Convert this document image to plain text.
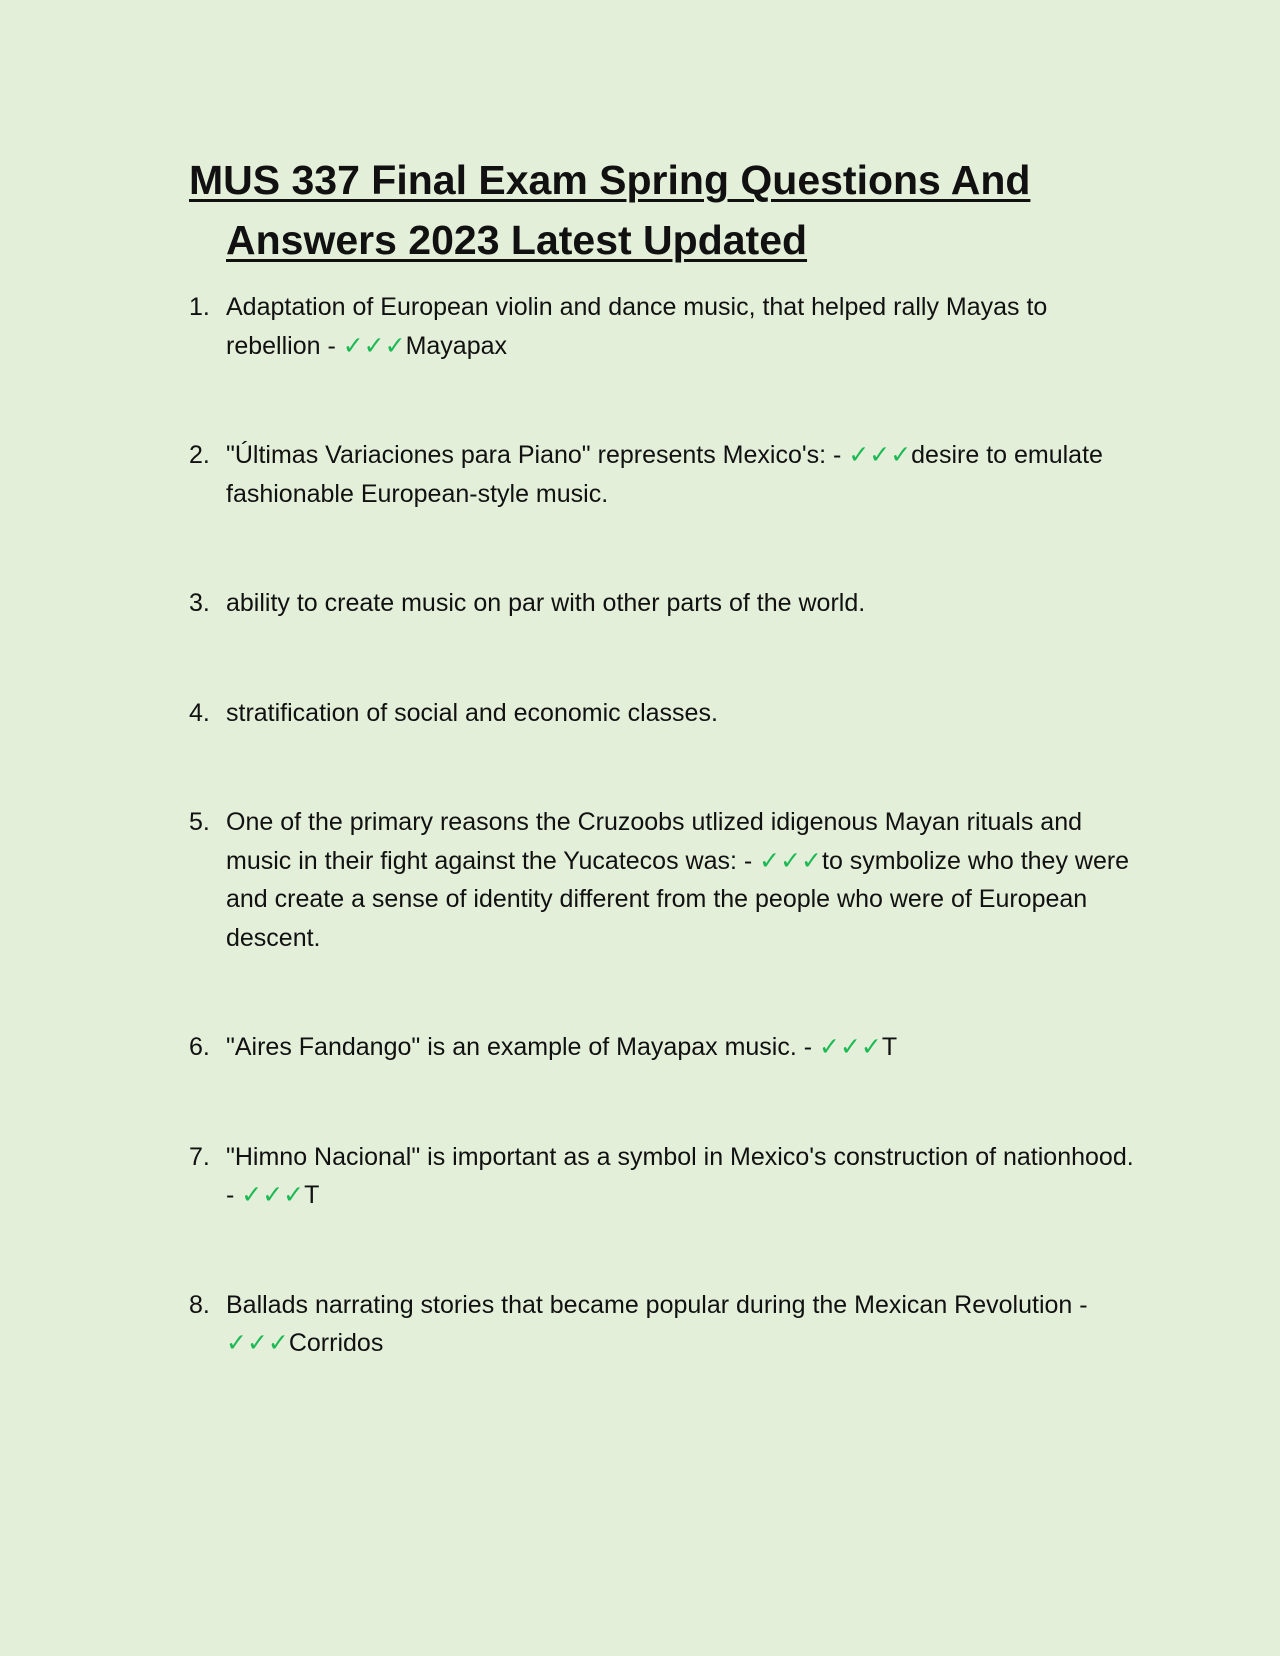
MUS 337 Final Exam Spring Questions And
Answers 2023 Latest Updated
1. Adaptation of European violin and dance music, that helped rally Mayas to rebellion - ✓✓✓Mayapax
2. "Últimas Variaciones para Piano" represents Mexico's: - ✓✓✓desire to emulate fashionable European-style music.
3. ability to create music on par with other parts of the world.
4. stratification of social and economic classes.
5. One of the primary reasons the Cruzoobs utlized idigenous Mayan rituals and music in their fight against the Yucatecos was: - ✓✓✓to symbolize who they were and create a sense of identity different from the people who were of European descent.
6. "Aires Fandango" is an example of Mayapax music. - ✓✓✓T
7. "Himno Nacional" is important as a symbol in Mexico's construction of nationhood. - ✓✓✓T
8. Ballads narrating stories that became popular during the Mexican Revolution - ✓✓✓Corridos
